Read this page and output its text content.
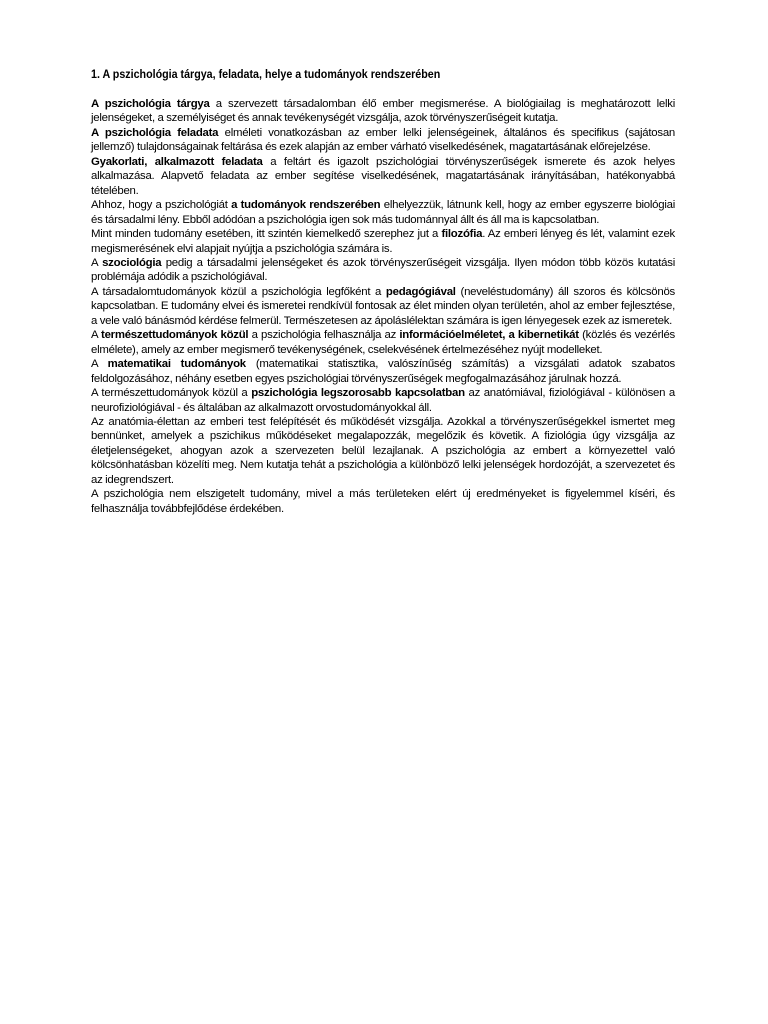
1. A pszichológia tárgya, feladata, helye a tudományok rendszerében

A pszichológia tárgya a szervezett társadalomban élő ember megismerése. A biológiailag is meghatározott lelki jelenségeket, a személyiséget és annak tevékenységét vizsgálja, azok törvényszerűségeit kutatja.

A pszichológia feladata elméleti vonatkozásban az ember lelki jelenségeinek, általános és specifikus (sajátosan jellemző) tulajdonságainak feltárása és ezek alapján az ember várható viselkedésének, magatartásának előrejelzése.

Gyakorlati, alkalmazott feladata a feltárt és igazolt pszichológiai törvényszerűségek ismerete és azok helyes alkalmazása. Alapvető feladata az ember segítése viselkedésének, magatartásának irányításában, hatékonyabbá tételében.

Ahhoz, hogy a pszichológiát a tudományok rendszerében elhelyezzük, látnunk kell, hogy az ember egyszerre biológiai és társadalmi lény. Ebből adódóan a pszichológia igen sok más tudománnyal állt és áll ma is kapcsolatban.

Mint minden tudomány esetében, itt szintén kiemelkedő szerephez jut a filozófia. Az emberi lényeg és lét, valamint ezek megismerésének elvi alapjait nyújtja a pszichológia számára is.

A szociológia pedig a társadalmi jelenségeket és azok törvényszerűségeit vizsgálja. Ilyen módon több közös kutatási problémája adódik a pszichológiával.

A társadalomtudományok közül a pszichológia legfőként a pedagógiával (neveléstudomány) áll szoros és kölcsönös kapcsolatban. E tudomány elvei és ismeretei rendkívül fontosak az élet minden olyan területén, ahol az ember fejlesztése, a vele való bánásmód kérdése felmerül. Természetesen az ápoláslélektan számára is igen lényegesek ezek az ismeretek.

A természettudományok közül a pszichológia felhasználja az információelméletet, a kibernetikát (közlés és vezérlés elmélete), amely az ember megismerő tevékenységének, cselekvésének értelmezéséhez nyújt modelleket.

A matematikai tudományok (matematikai statisztika, valószínűség számítás) a vizsgálati adatok szabatos feldolgozásához, néhány esetben egyes pszichológiai törvényszerűségek megfogalmazásához járulnak hozzá.

A természettudományok közül a pszichológia legszorosabb kapcsolatban az anatómiával, fiziológiával - különösen a neurofiziológiával - és általában az alkalmazott orvostudományokkal áll.

Az anatómia-élettan az emberi test felépítését és működését vizsgálja. Azokkal a törvényszerűségekkel ismertet meg bennünket, amelyek a pszichikus működéseket megalapozzák, megelőzik és követik. A fiziológia úgy vizsgálja az életjelenségeket, ahogyan azok a szervezeten belül lezajlanak. A pszichológia az embert a környezettel való kölcsönhatásban közelíti meg. Nem kutatja tehát a pszichológia a különböző lelki jelenségek hordozóját, a szervezetet és az idegrendszert.

A pszichológia nem elszigetelt tudomány, mivel a más területeken elért új eredményeket is figyelemmel kíséri, és felhasználja továbbfejlődése érdekében.
